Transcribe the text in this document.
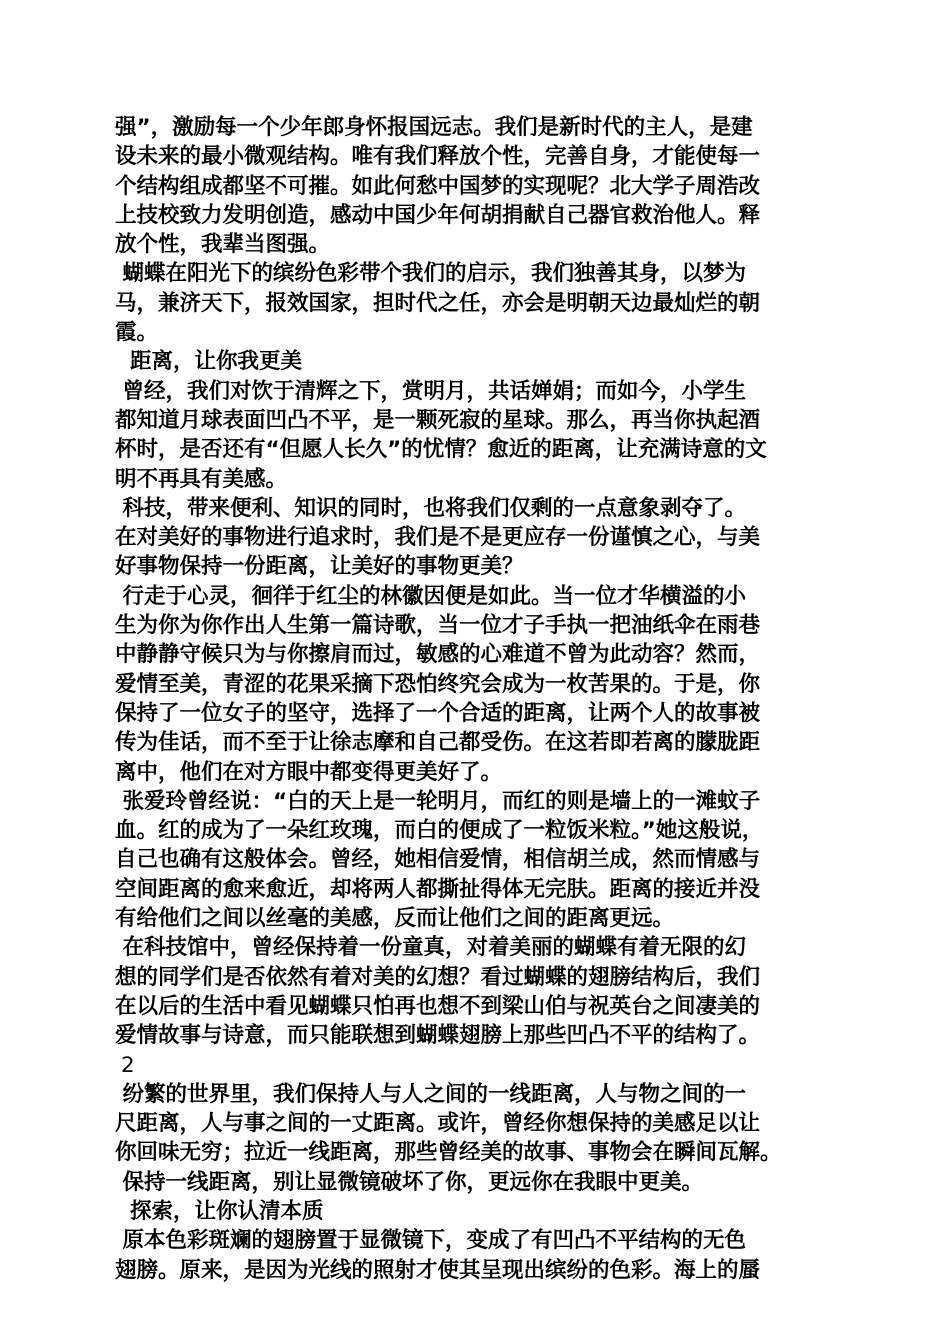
强”，激励每一个少年郎身怀报国远志。我们是新时代的主人，是建
设未来的最小微观结构。唯有我们释放个性，完善自身，才能使每一
个结构组成都坚不可摧。如此何愁中国梦的实现呢？北大学子周浩改
上技校致力发明创造，感动中国少年何胡捐献自己器官救治他人。释
放个性，我辈当图强。
蝴蝶在阳光下的缤纷色彩带个我们的启示，我们独善其身，以梦为
马，兼济天下，报效国家，担时代之任，亦会是明朝天边最灿烂的朝
霞。
距离，让你我更美
曾经，我们对饮于清辉之下，赏明月，共话婵娟；而如今，小学生
都知道月球表面凹凸不平，是一颗死寂的星球。那么，再当你执起酒
杯时，是否还有“但愿人长久”的忧情？愈近的距离，让充满诗意的文
明不再具有美感。
科技，带来便利、知识的同时，也将我们仅剩的一点意象剥夺了。
在对美好的事物进行追求时，我们是不是更应存一份谨慎之心，与美
好事物保持一份距离，让美好的事物更美？
行走于心灵，徊徉于红尘的林徽因便是如此。当一位才华横溢的小
生为你为你作出人生第一篇诗歌，当一位才子手执一把油纸伞在雨巷
中静静守候只为与你擦肩而过，敏感的心难道不曾为此动容？然而，
爱情至美，青涩的花果采摘下恐怕终究会成为一枚苦果的。于是，你
保持了一位女子的坚守，选择了一个合适的距离，让两个人的故事被
传为佳话，而不至于让徐志摩和自己都受伤。在这若即若离的朦胧距
离中，他们在对方眼中都变得更美好了。
张爱玲曾经说：“白的天上是一轮明月，而红的则是墙上的一滩蚊子
血。红的成为了一朵红玫瑰，而白的便成了一粒饭米粒。”她这般说，
自己也确有这般体会。曾经，她相信爱情，相信胡兰成，然而情感与
空间距离的愈来愈近，却将两人都撕扯得体无完肤。距离的接近并没
有给他们之间以丝毫的美感，反而让他们之间的距离更远。
在科技馆中，曾经保持着一份童真，对着美丽的蝴蝶有着无限的幻
想的同学们是否依然有着对美的幻想？看过蝴蝶的翅膀结构后，我们
在以后的生活中看见蝴蝶只怕再也想不到梁山伯与祝英台之间凄美的
爱情故事与诗意，而只能联想到蝴蝶翅膀上那些凹凸不平的结构了。
2
纷繁的世界里，我们保持人与人之间的一线距离，人与物之间的一
尺距离，人与事之间的一丈距离。或许，曾经你想保持的美感足以让
你回味无穷；拉近一线距离，那些曾经美的故事、事物会在瞬间瓦解。
保持一线距离，别让显微镜破坏了你，更远你在我眼中更美。
探索，让你认清本质
原本色彩斑斓的翅膀置于显微镜下，变成了有凹凸不平结构的无色
翅膀。原来，是因为光线的照射才使其呈现出缤纷的色彩。海上的蜃
